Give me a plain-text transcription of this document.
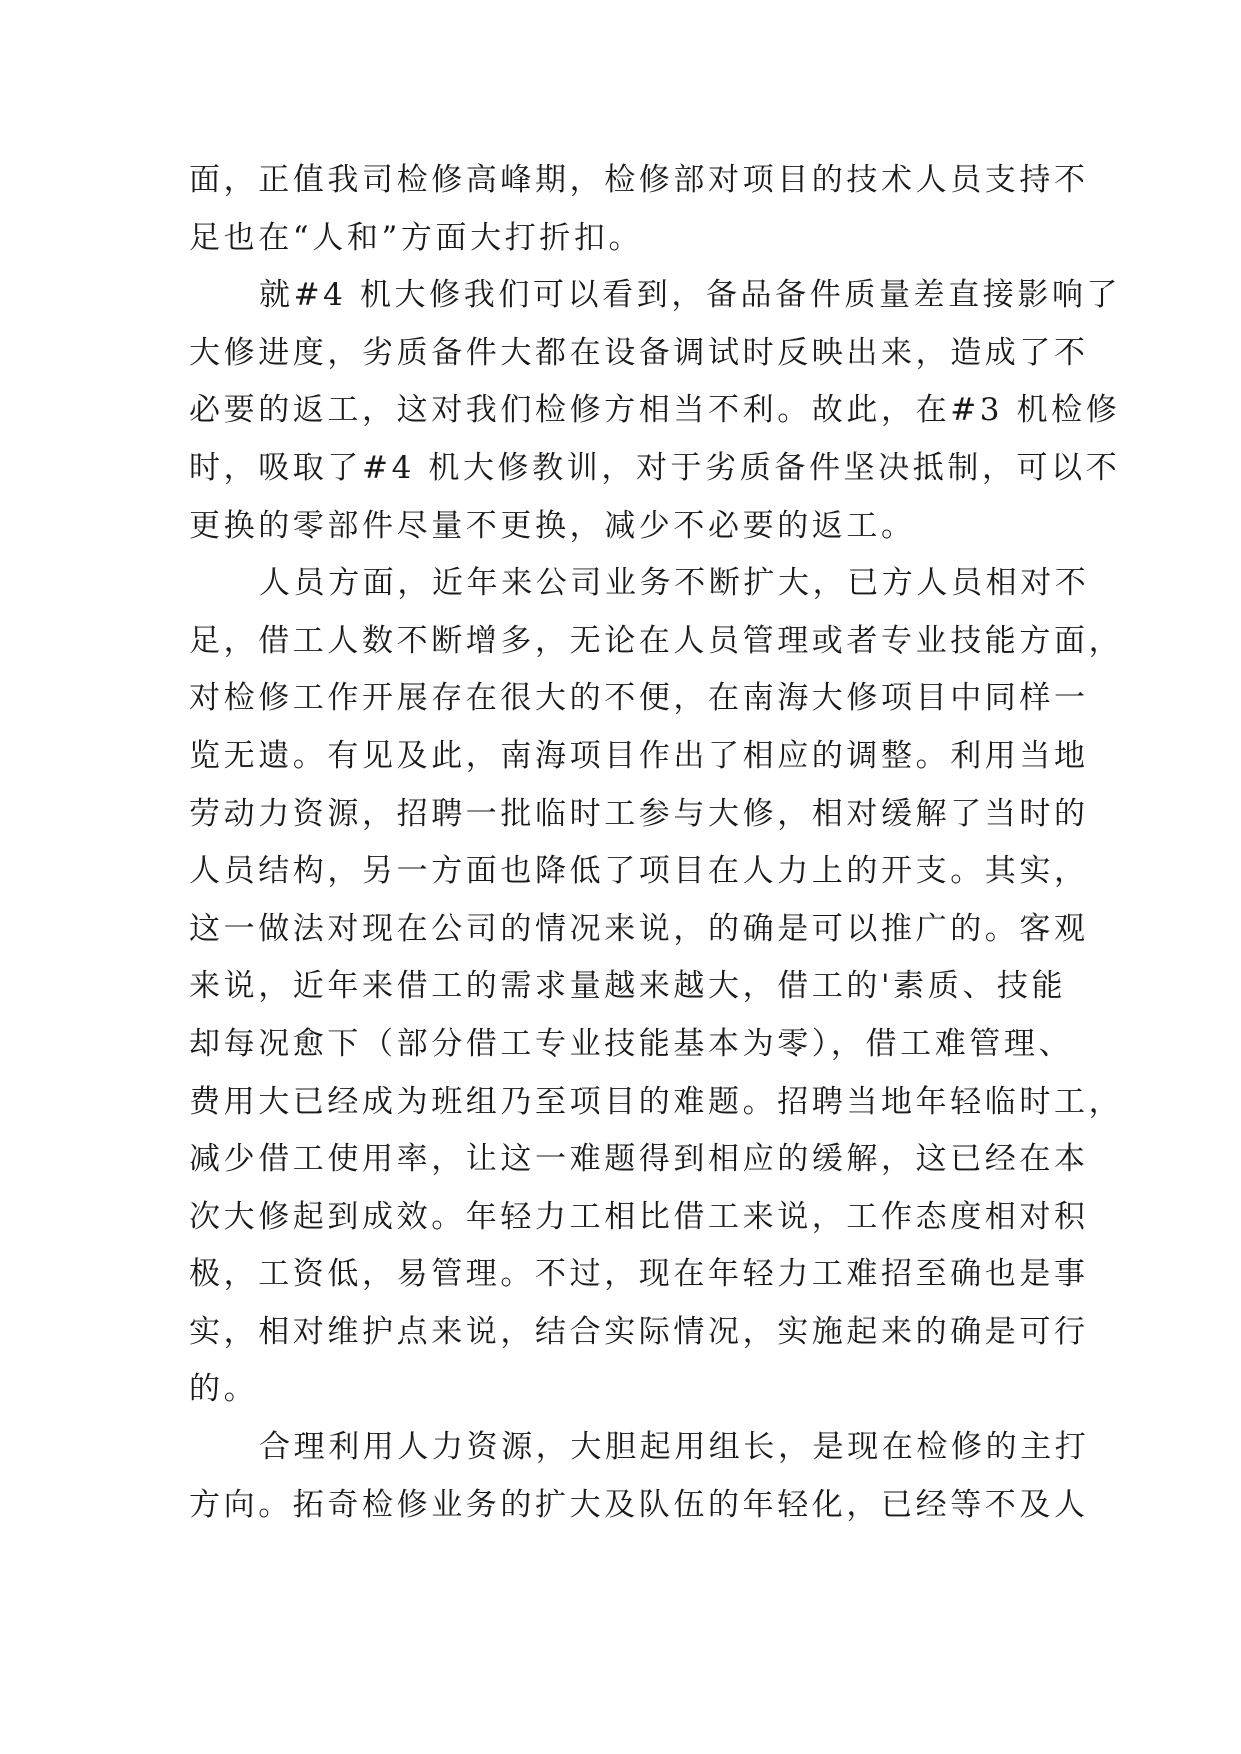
面，正值我司检修高峰期，检修部对项目的技术人员支持不
足也在“人和”方面大打折扣。
就#4 机大修我们可以看到，备品备件质量差直接影响了
大修进度，劣质备件大都在设备调试时反映出来，造成了不
必要的返工，这对我们检修方相当不利。故此，在#3 机检修
时，吸取了#4 机大修教训，对于劣质备件坚决抵制，可以不
更换的零部件尽量不更换，减少不必要的返工。
人员方面，近年来公司业务不断扩大，已方人员相对不
足，借工人数不断增多，无论在人员管理或者专业技能方面，
对检修工作开展存在很大的不便，在南海大修项目中同样一
览无遗。有见及此，南海项目作出了相应的调整。利用当地
劳动力资源，招聘一批临时工参与大修，相对缓解了当时的
人员结构，另一方面也降低了项目在人力上的开支。其实，
这一做法对现在公司的情况来说，的确是可以推广的。客观
来说，近年来借工的需求量越来越大，借工的'素质、技能
却每况愈下（部分借工专业技能基本为零），借工难管理、
费用大已经成为班组乃至项目的难题。招聘当地年轻临时工，
减少借工使用率，让这一难题得到相应的缓解，这已经在本
次大修起到成效。年轻力工相比借工来说，工作态度相对积
极，工资低，易管理。不过，现在年轻力工难招至确也是事
实，相对维护点来说，结合实际情况，实施起来的确是可行
的。
合理利用人力资源，大胆起用组长，是现在检修的主打
方向。拓奇检修业务的扩大及队伍的年轻化，已经等不及人
